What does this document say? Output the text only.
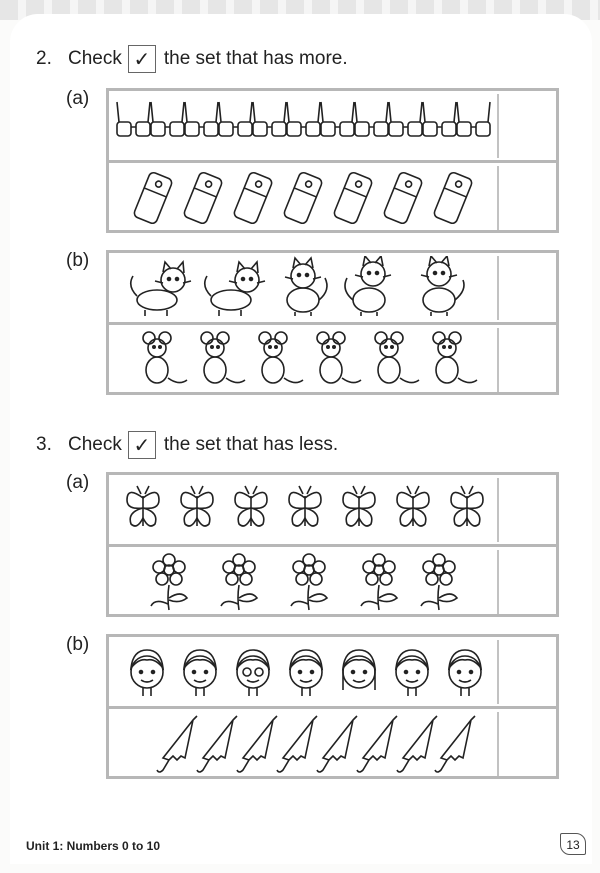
2. Check ✓ the set that has more.
(a)
(b)
3. Check ✓ the set that has less.
(a)
(b)
Unit 1: Numbers 0 to 10	13
